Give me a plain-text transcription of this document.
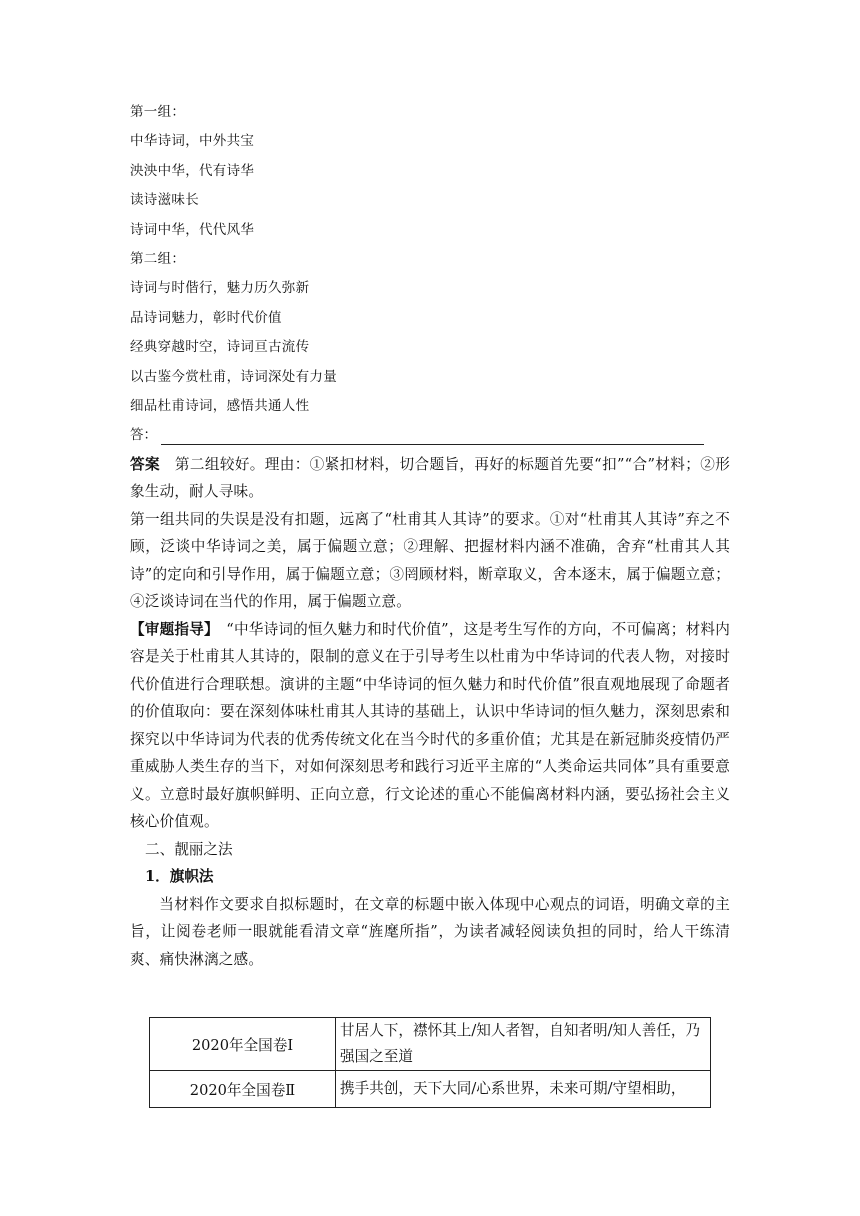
第一组：
中华诗词，中外共宝
泱泱中华，代有诗华
读诗滋味长
诗词中华，代代风华
第二组：
诗词与时偕行，魅力历久弥新
品诗词魅力，彰时代价值
经典穿越时空，诗词亘古流传
以古鉴今赏杜甫，诗词深处有力量
细品杜甫诗词，感悟共通人性
答：

答案　第二组较好。理由：①紧扣材料，切合题旨，再好的标题首先要“扣”“合”材料；②形象生动，耐人寻味。

第一组共同的失误是没有扣题，远离了“杜甫其人其诗”的要求。①对“杜甫其人其诗”弃之不顾，泛谈中华诗词之美，属于偏题立意；②理解、把握材料内涵不准确，舍弃“杜甫其人其诗”的定向和引导作用，属于偏题立意；③罔顾材料，断章取义，舍本逐末，属于偏题立意；④泛谈诗词在当代的作用，属于偏题立意。

【审题指导】　“中华诗词的恒久魅力和时代价值”，这是考生写作的方向，不可偏离；材料内容是关于杜甫其人其诗的，限制的意义在于引导考生以杜甫为中华诗词的代表人物，对接时代价值进行合理联想。演讲的主题“中华诗词的恒久魅力和时代价值”很直观地展现了命题者的价值取向：要在深刻体味杜甫其人其诗的基础上，认识中华诗词的恒久魅力，深刻思索和探究以中华诗词为代表的优秀传统文化在当今时代的多重价值；尤其是在新冠肺炎疫情仍严重威胁人类生存的当下，对如何深刻思考和践行习近平主席的“人类命运共同体”具有重要意义。立意时最好旗帜鲜明、正向立意，行文论述的重心不能偏离材料内涵，要弘扬社会主义核心价值观。

二、靓丽之法

1．旗帜法

当材料作文要求自拟标题时，在文章的标题中嵌入体现中心观点的词语，明确文章的主旨，让阅卷老师一眼就能看清文章“旌麾所指”，为读者减轻阅读负担的同时，给人干练清爽、痛快淋漓之感。

2020年全国卷Ⅰ	甘居人下，襟怀其上/知人者智，自知者明/知人善任，乃强国之至道
2020年全国卷Ⅱ	携手共创，天下大同/心系世界，未来可期/守望相助，
